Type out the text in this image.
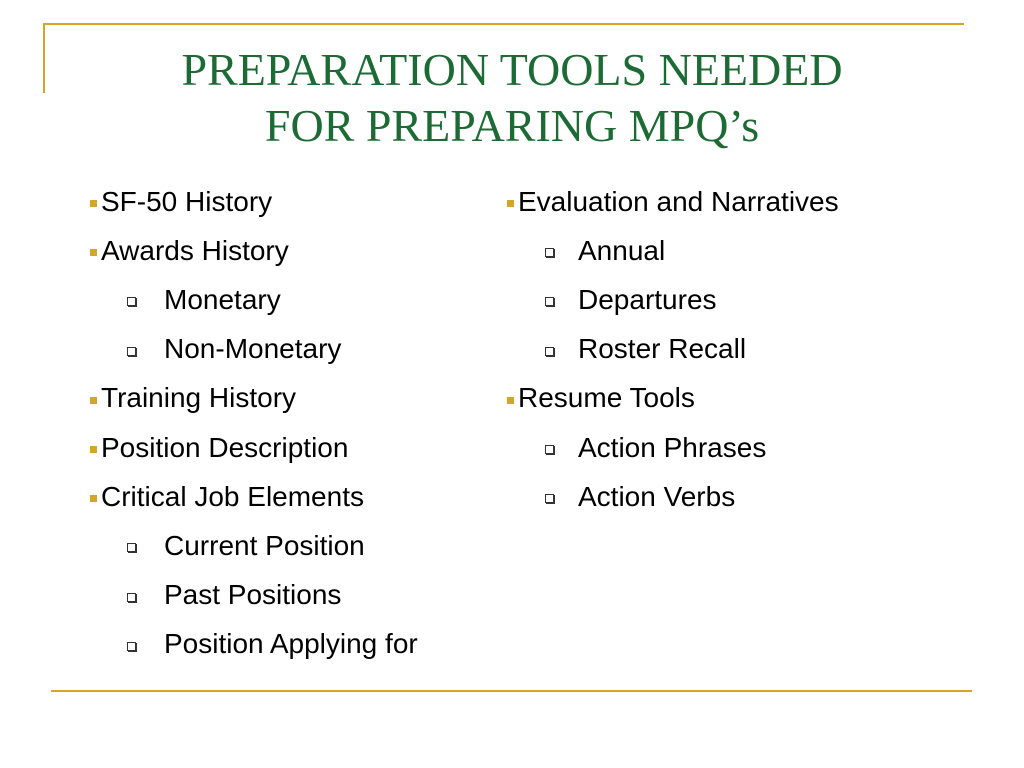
PREPARATION TOOLS NEEDED
FOR PREPARING MPQ’s
SF-50 History
Awards History
Monetary
Non-Monetary
Training History
Position Description
Critical Job Elements
Current Position
Past Positions
Position Applying for
Evaluation and Narratives
Annual
Departures
Roster Recall
Resume Tools
Action Phrases
Action Verbs
